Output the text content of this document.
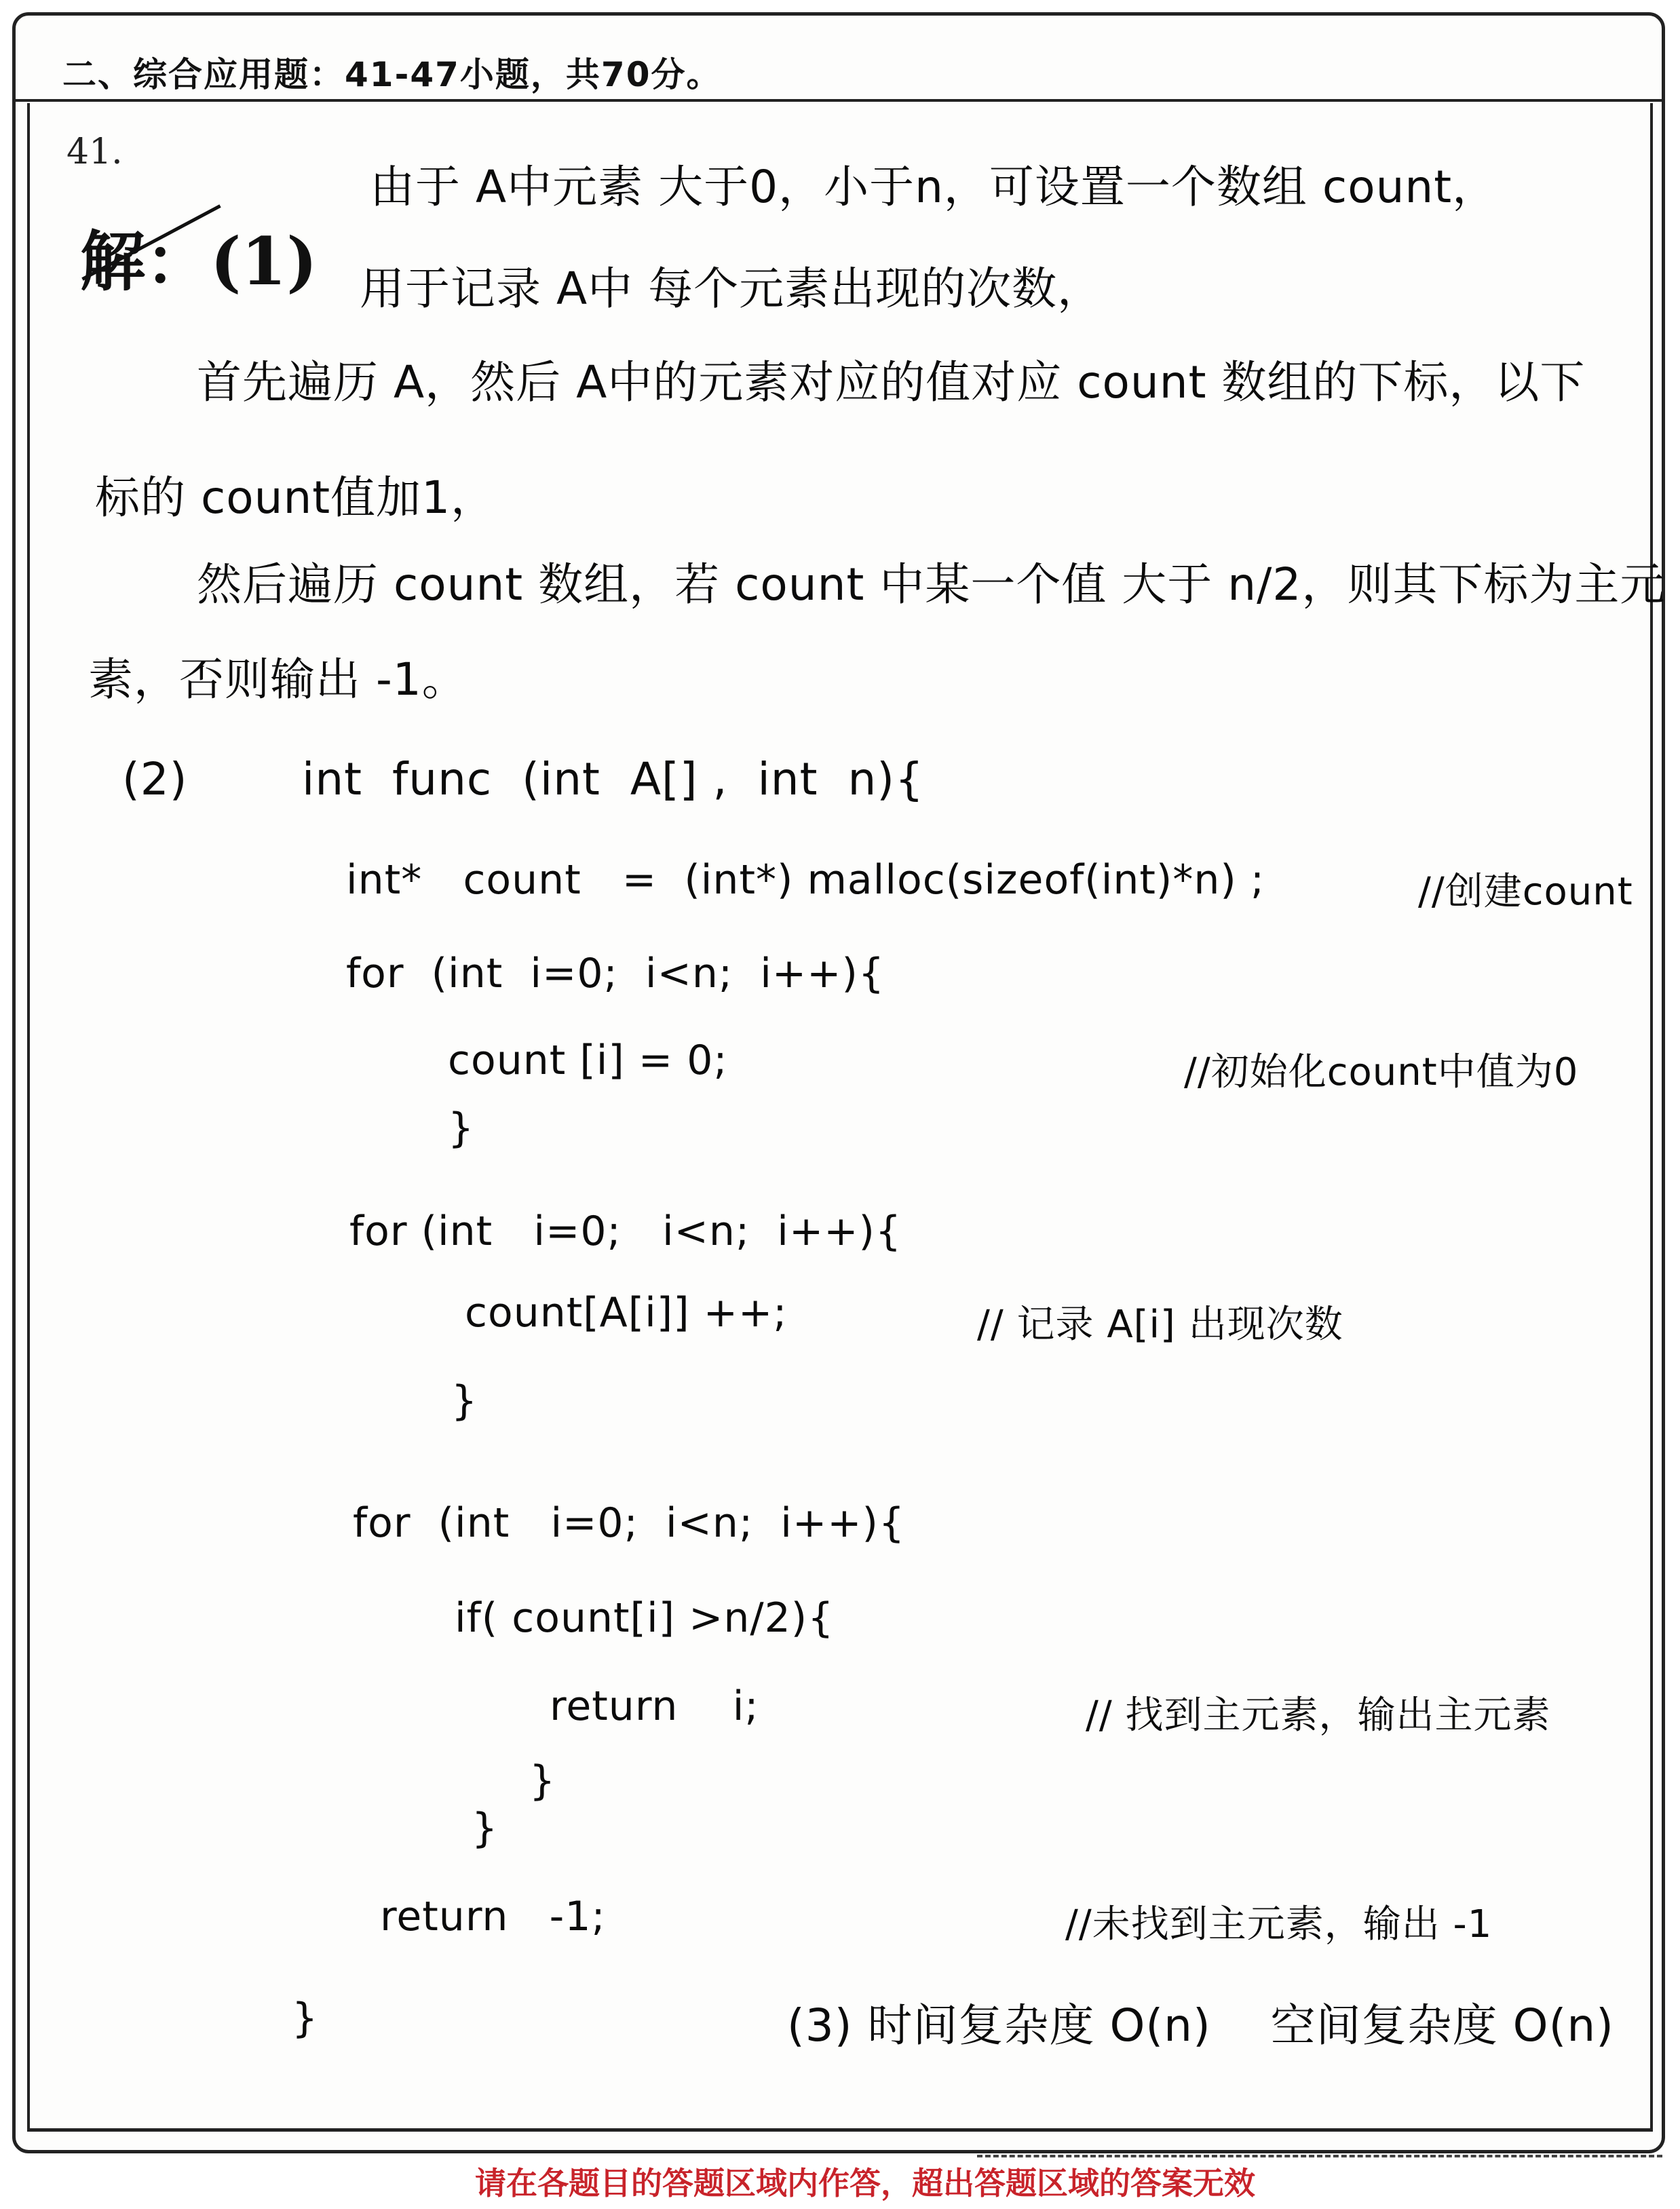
二、综合应用题：41-47小题，共70分。
41.
解：(1)
由于 A中元素 大于0，小于n，可设置一个数组 count，
用于记录 A中 每个元素出现的次数，
首先遍历 A，然后 A中的元素对应的值对应 count 数组的下标，以下
标的 count值加1，
然后遍历 count 数组，若 count 中某一个值 大于 n/2，则其下标为主元
素，否则输出 -1。
(2)	int  func  (int  A[] ,  int  n){
int*   count   =  (int*) malloc(sizeof(int)*n) ;	//创建count
for  (int  i=0;  i<n;  i++){
count [i] = 0;	//初始化count中值为0
}
for (int   i=0;   i<n;  i++){
count[A[i]] ++;	// 记录 A[i] 出现次数
}
for  (int   i=0;  i<n;  i++){
if( count[i] >n/2){
return    i;	// 找到主元素，输出主元素
}
}
return   -1;	//未找到主元素，输出 -1
}	(3) 时间复杂度 O(n)    空间复杂度 O(n)
请在各题目的答题区域内作答，超出答题区域的答案无效
